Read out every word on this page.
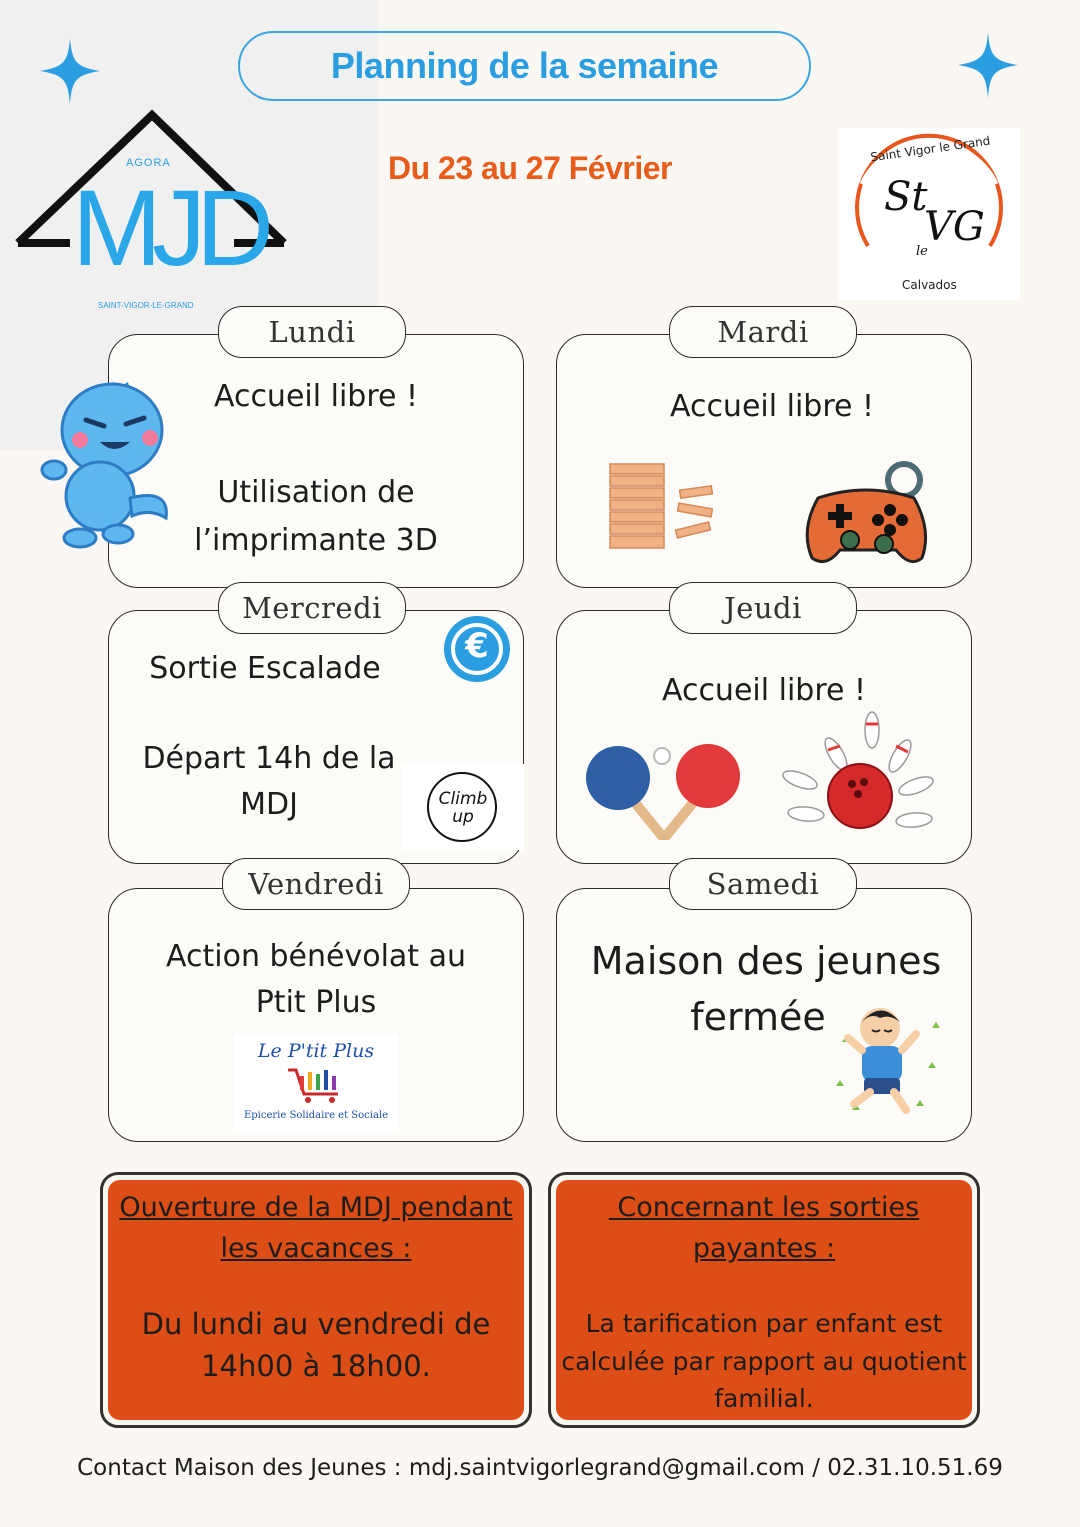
AGORA
MJD
SAINT-VIGOR-LE-GRAND
Planning de la semaine
Du 23 au 27 Février
Saint Vigor le Grand
St
VG
le
Calvados
Lundi
Accueil libre !
Utilisation de
l’imprimante 3D
Mardi
Accueil libre !
Mercredi
Sortie Escalade
Départ 14h de la
MDJ
€
Climb up
Jeudi
Accueil libre !
Vendredi
Action bénévolat au
Ptit Plus
Le P'tit Plus
Epicerie Solidaire et Sociale
Samedi
Maison des jeunes
fermée
Ouverture de la MDJ pendant
les vacances :
Du lundi au vendredi de
14h00 à 18h00.
Concernant les sorties
payantes :
La tarification par enfant est
calculée par rapport au quotient
familial.
Contact Maison des Jeunes : mdj.saintvigorlegrand@gmail.com / 02.31.10.51.69
